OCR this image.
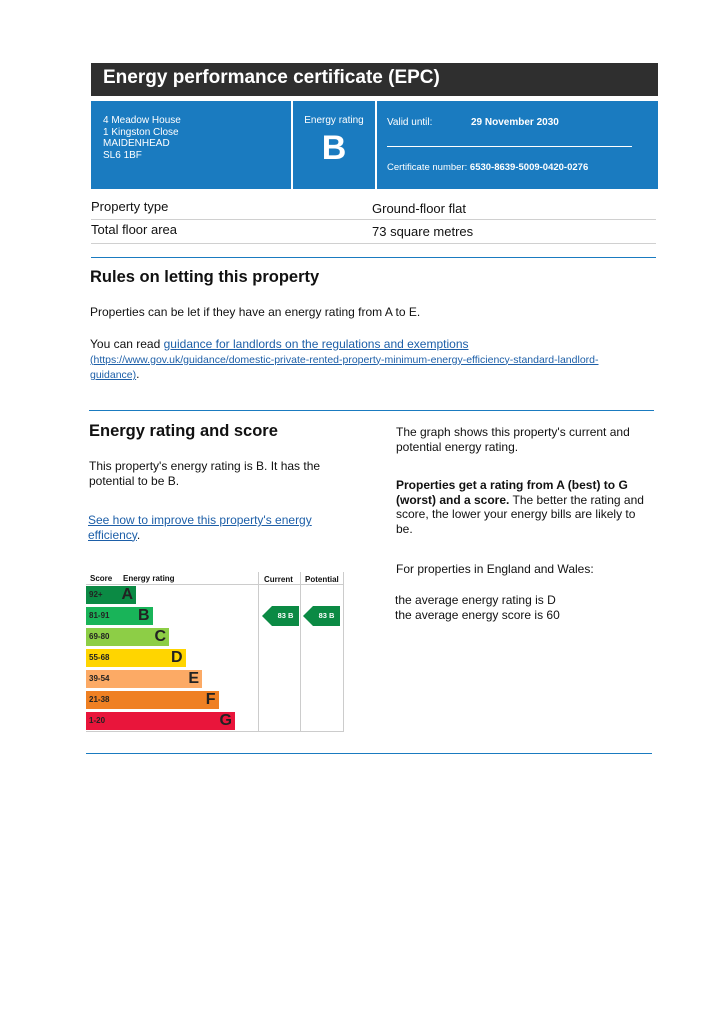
Energy performance certificate (EPC)
4 Meadow House
1 Kingston Close
MAIDENHEAD
SL6 1BF
Energy rating
B
Valid until:	29 November 2030
Certificate number: 6530-8639-5009-0420-0276
Property type	Ground-floor flat
Total floor area	73 square metres
Rules on letting this property
Properties can be let if they have an energy rating from A to E.
You can read guidance for landlords on the regulations and exemptions
(https://www.gov.uk/guidance/domestic-private-rented-property-minimum-energy-efficiency-standard-landlord-
guidance).
Energy rating and score
This property's energy rating is B. It has the potential to be B.
See how to improve this property's energy efficiency.
The graph shows this property's current and potential energy rating.
Properties get a rating from A (best) to G (worst) and a score. The better the rating and score, the lower your energy bills are likely to be.
For properties in England and Wales:
the average energy rating is D
the average energy score is 60
Score Energy rating	Current Potential
92+ A
81-91 B
69-80	C
55-68	D
39-54	E
21-38	F
1-20	G
83 B	83 B
